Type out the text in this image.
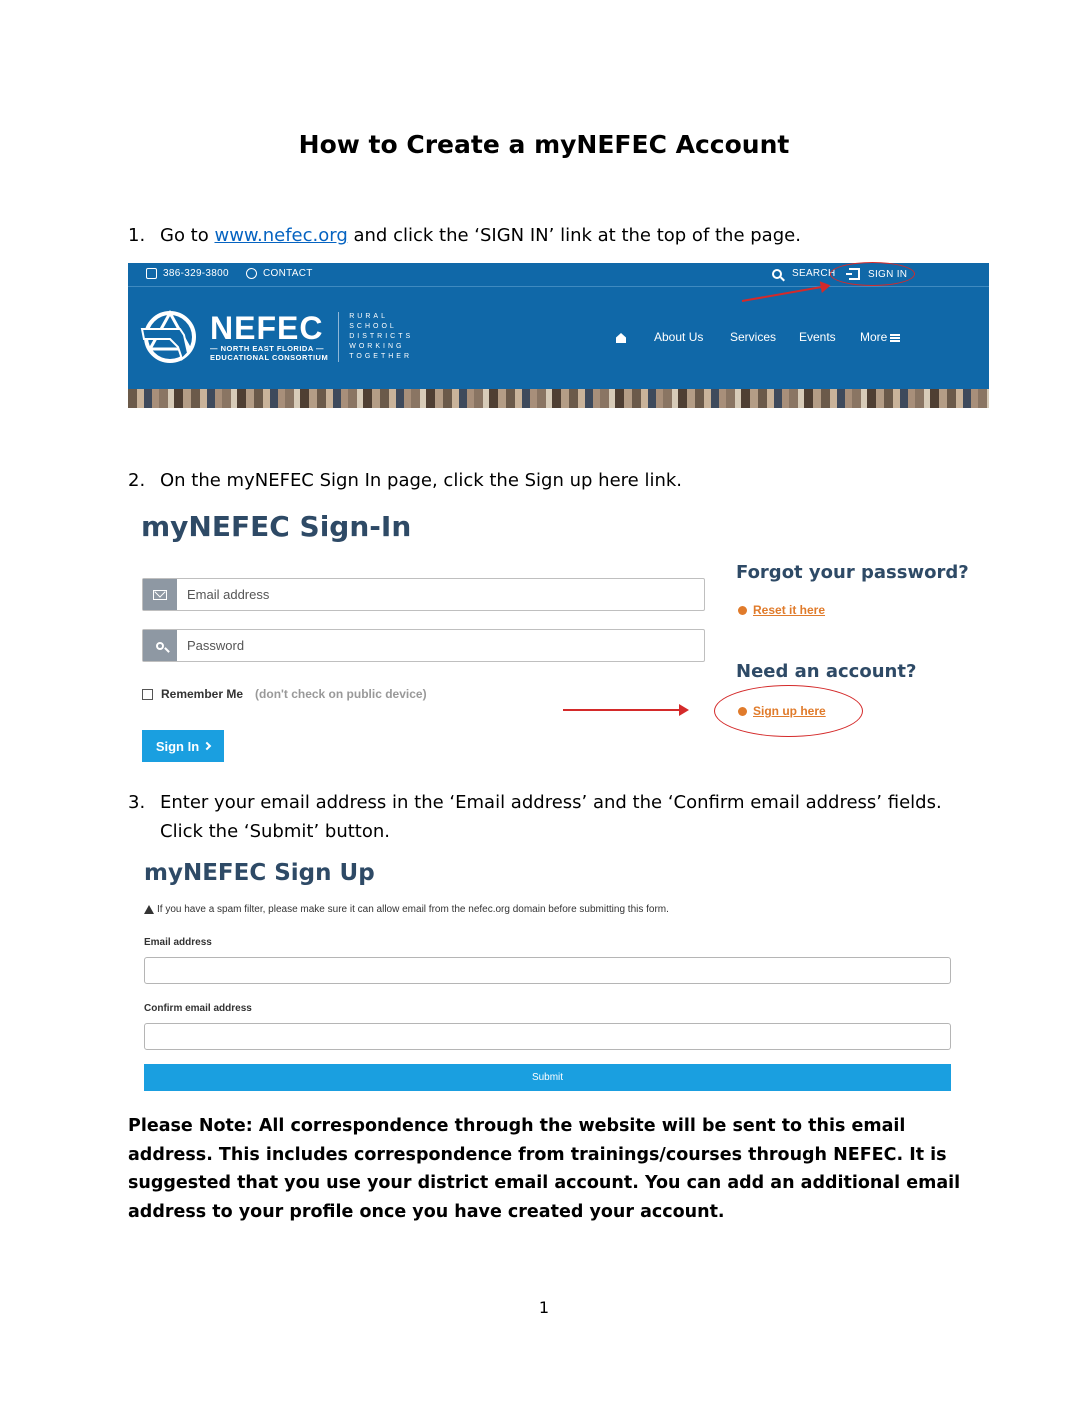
How to Create a myNEFEC Account
1. Go to www.nefec.org and click the ‘SIGN IN’ link at the top of the page.
386-329-3800	CONTACT	SEARCH	SIGN IN
NEFEC
— NORTH EAST FLORIDA —
EDUCATIONAL CONSORTIUM
RURAL
SCHOOL
DISTRICTS
WORKING
TOGETHER
About Us Services Events More
2. On the myNEFEC Sign In page, click the Sign up here link.
myNEFEC Sign-In
Email address
Remember Me (don't check on public device)
Sign In
Forgot your password?
Reset it here
Need an account?
Sign up here
3. Enter your email address in the ‘Email address’ and the ‘Confirm email address’ fields. Click the ‘Submit’ button.
myNEFEC Sign Up
If you have a spam filter, please make sure it can allow email from the nefec.org domain before submitting this form.
Email address
Confirm email address
Submit
Please Note: All correspondence through the website will be sent to this email address. This includes correspondence from trainings/courses through NEFEC. It is suggested that you use your district email account. You can add an additional email address to your profile once you have created your account.
1
